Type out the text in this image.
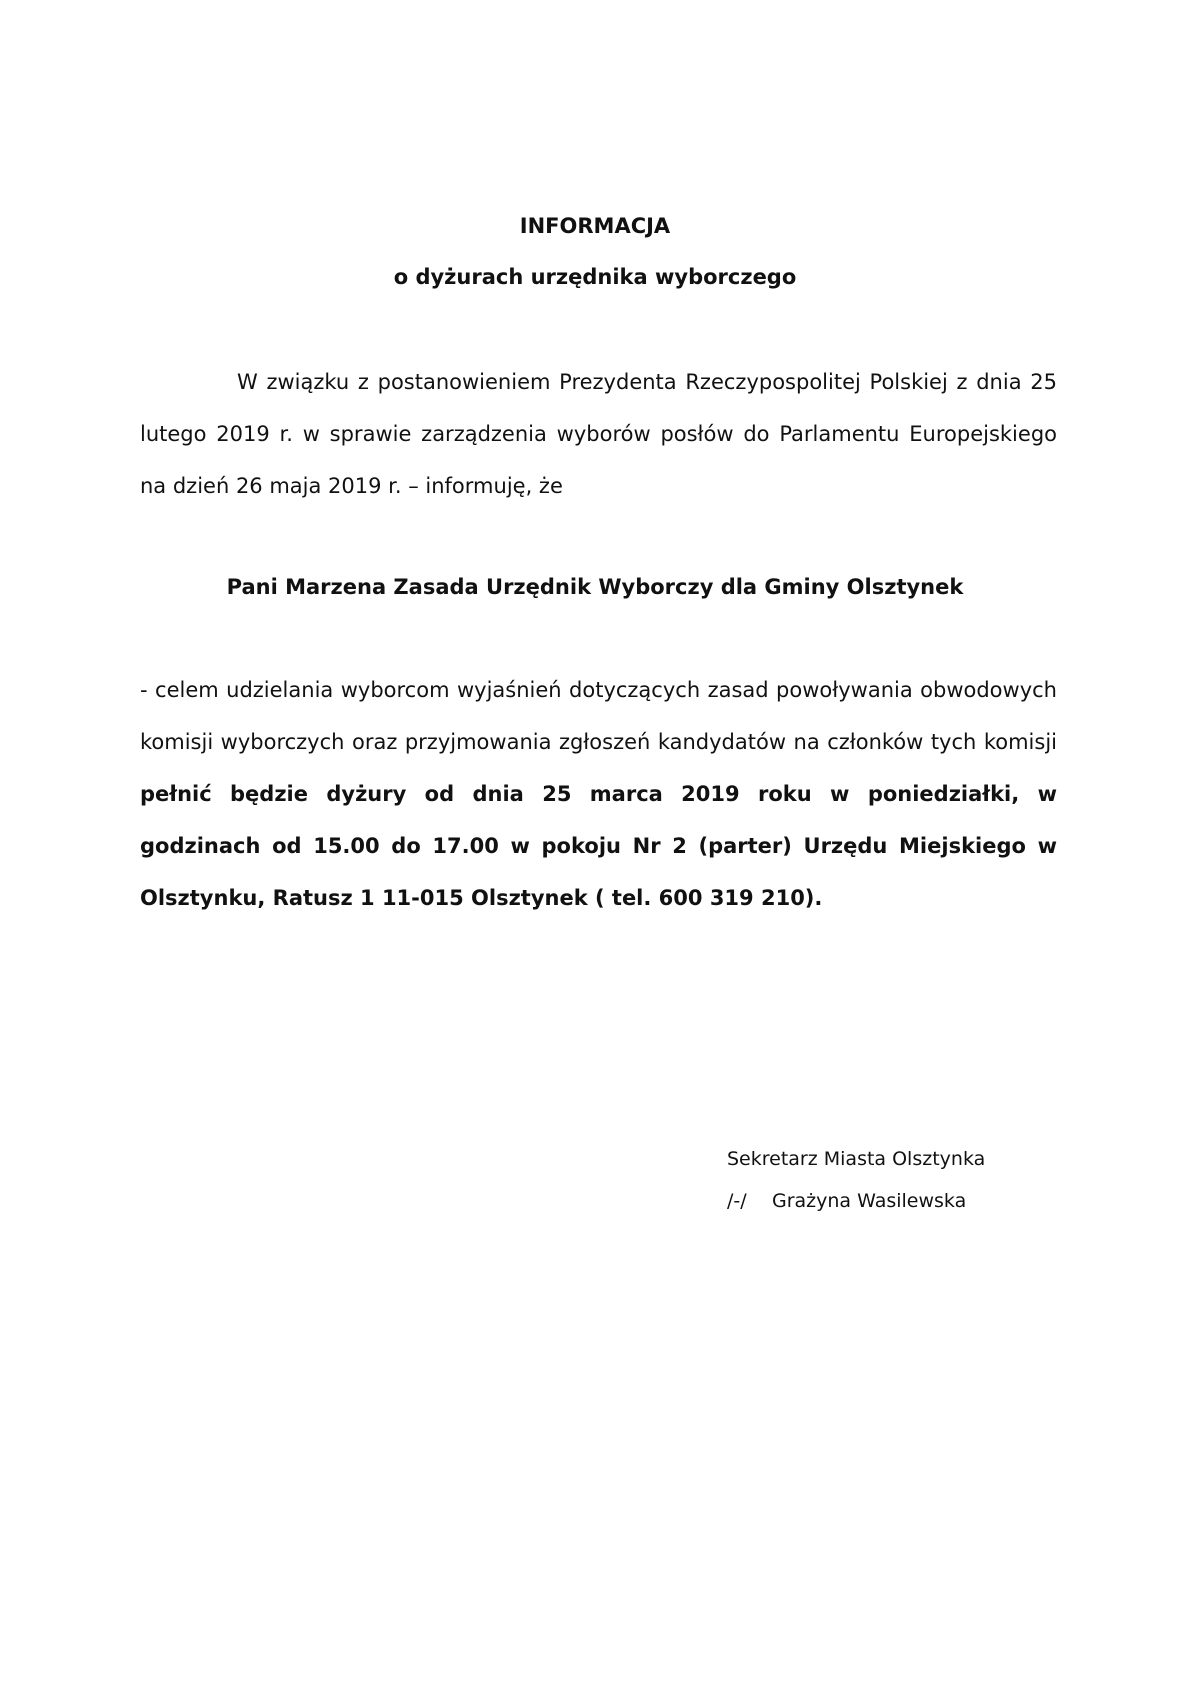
INFORMACJA
o dyżurach urzędnika wyborczego

W związku z postanowieniem Prezydenta Rzeczypospolitej Polskiej z dnia 25 lutego 2019 r. w sprawie zarządzenia wyborów posłów do Parlamentu Europejskiego na dzień 26 maja 2019 r. – informuję, że

Pani Marzena Zasada Urzędnik Wyborczy dla Gminy Olsztynek

- celem udzielania wyborcom wyjaśnień dotyczących zasad powoływania obwodowych komisji wyborczych oraz przyjmowania zgłoszeń kandydatów na członków tych komisji pełnić będzie dyżury od dnia 25 marca 2019 roku w poniedziałki, w godzinach od 15.00 do 17.00 w pokoju Nr 2 (parter) Urzędu Miejskiego w Olsztynku, Ratusz 1 11-015 Olsztynek ( tel. 600 319 210).

Sekretarz Miasta Olsztynka

/-/ Grażyna Wasilewska
